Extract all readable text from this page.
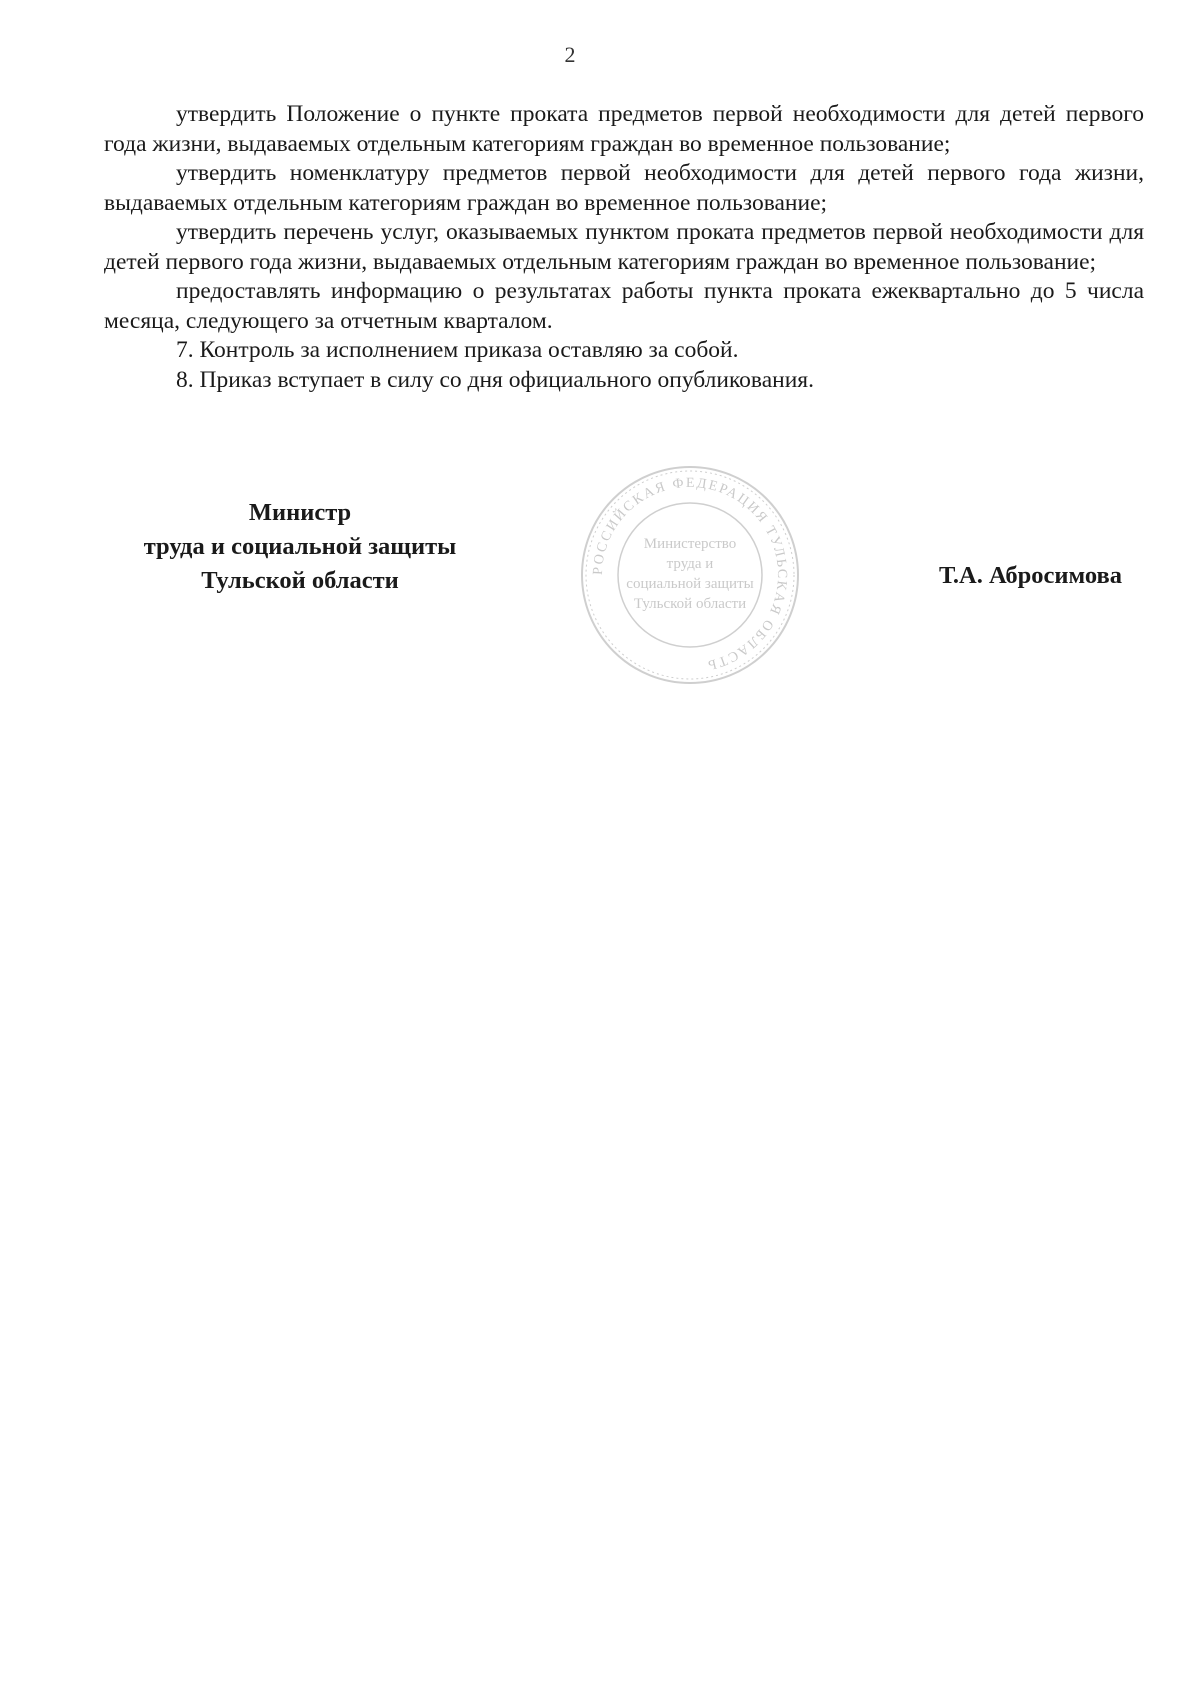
2

утвердить Положение о пункте проката предметов первой необходимости для детей первого года жизни, выдаваемых отдельным категориям граждан во временное пользование;

утвердить номенклатуру предметов первой необходимости для детей первого года жизни, выдаваемых отдельным категориям граждан во временное пользование;

утвердить перечень услуг, оказываемых пунктом проката предметов первой необходимости для детей первого года жизни, выдаваемых отдельным категориям граждан во временное пользование;

предоставлять информацию о результатах работы пункта проката ежеквартально до 5 числа месяца, следующего за отчетным кварталом.

7. Контроль за исполнением приказа оставляю за собой.

8. Приказ вступает в силу со дня официального опубликования.

Министр
труда и социальной защиты
Тульской области	РОССИЙСКАЯ ФЕДЕРАЦИЯ ТУЛЬСКАЯ ОБЛАСТЬ
Министерство
труда и
социальной защиты
Тульской области
Т.А. Абросимова
